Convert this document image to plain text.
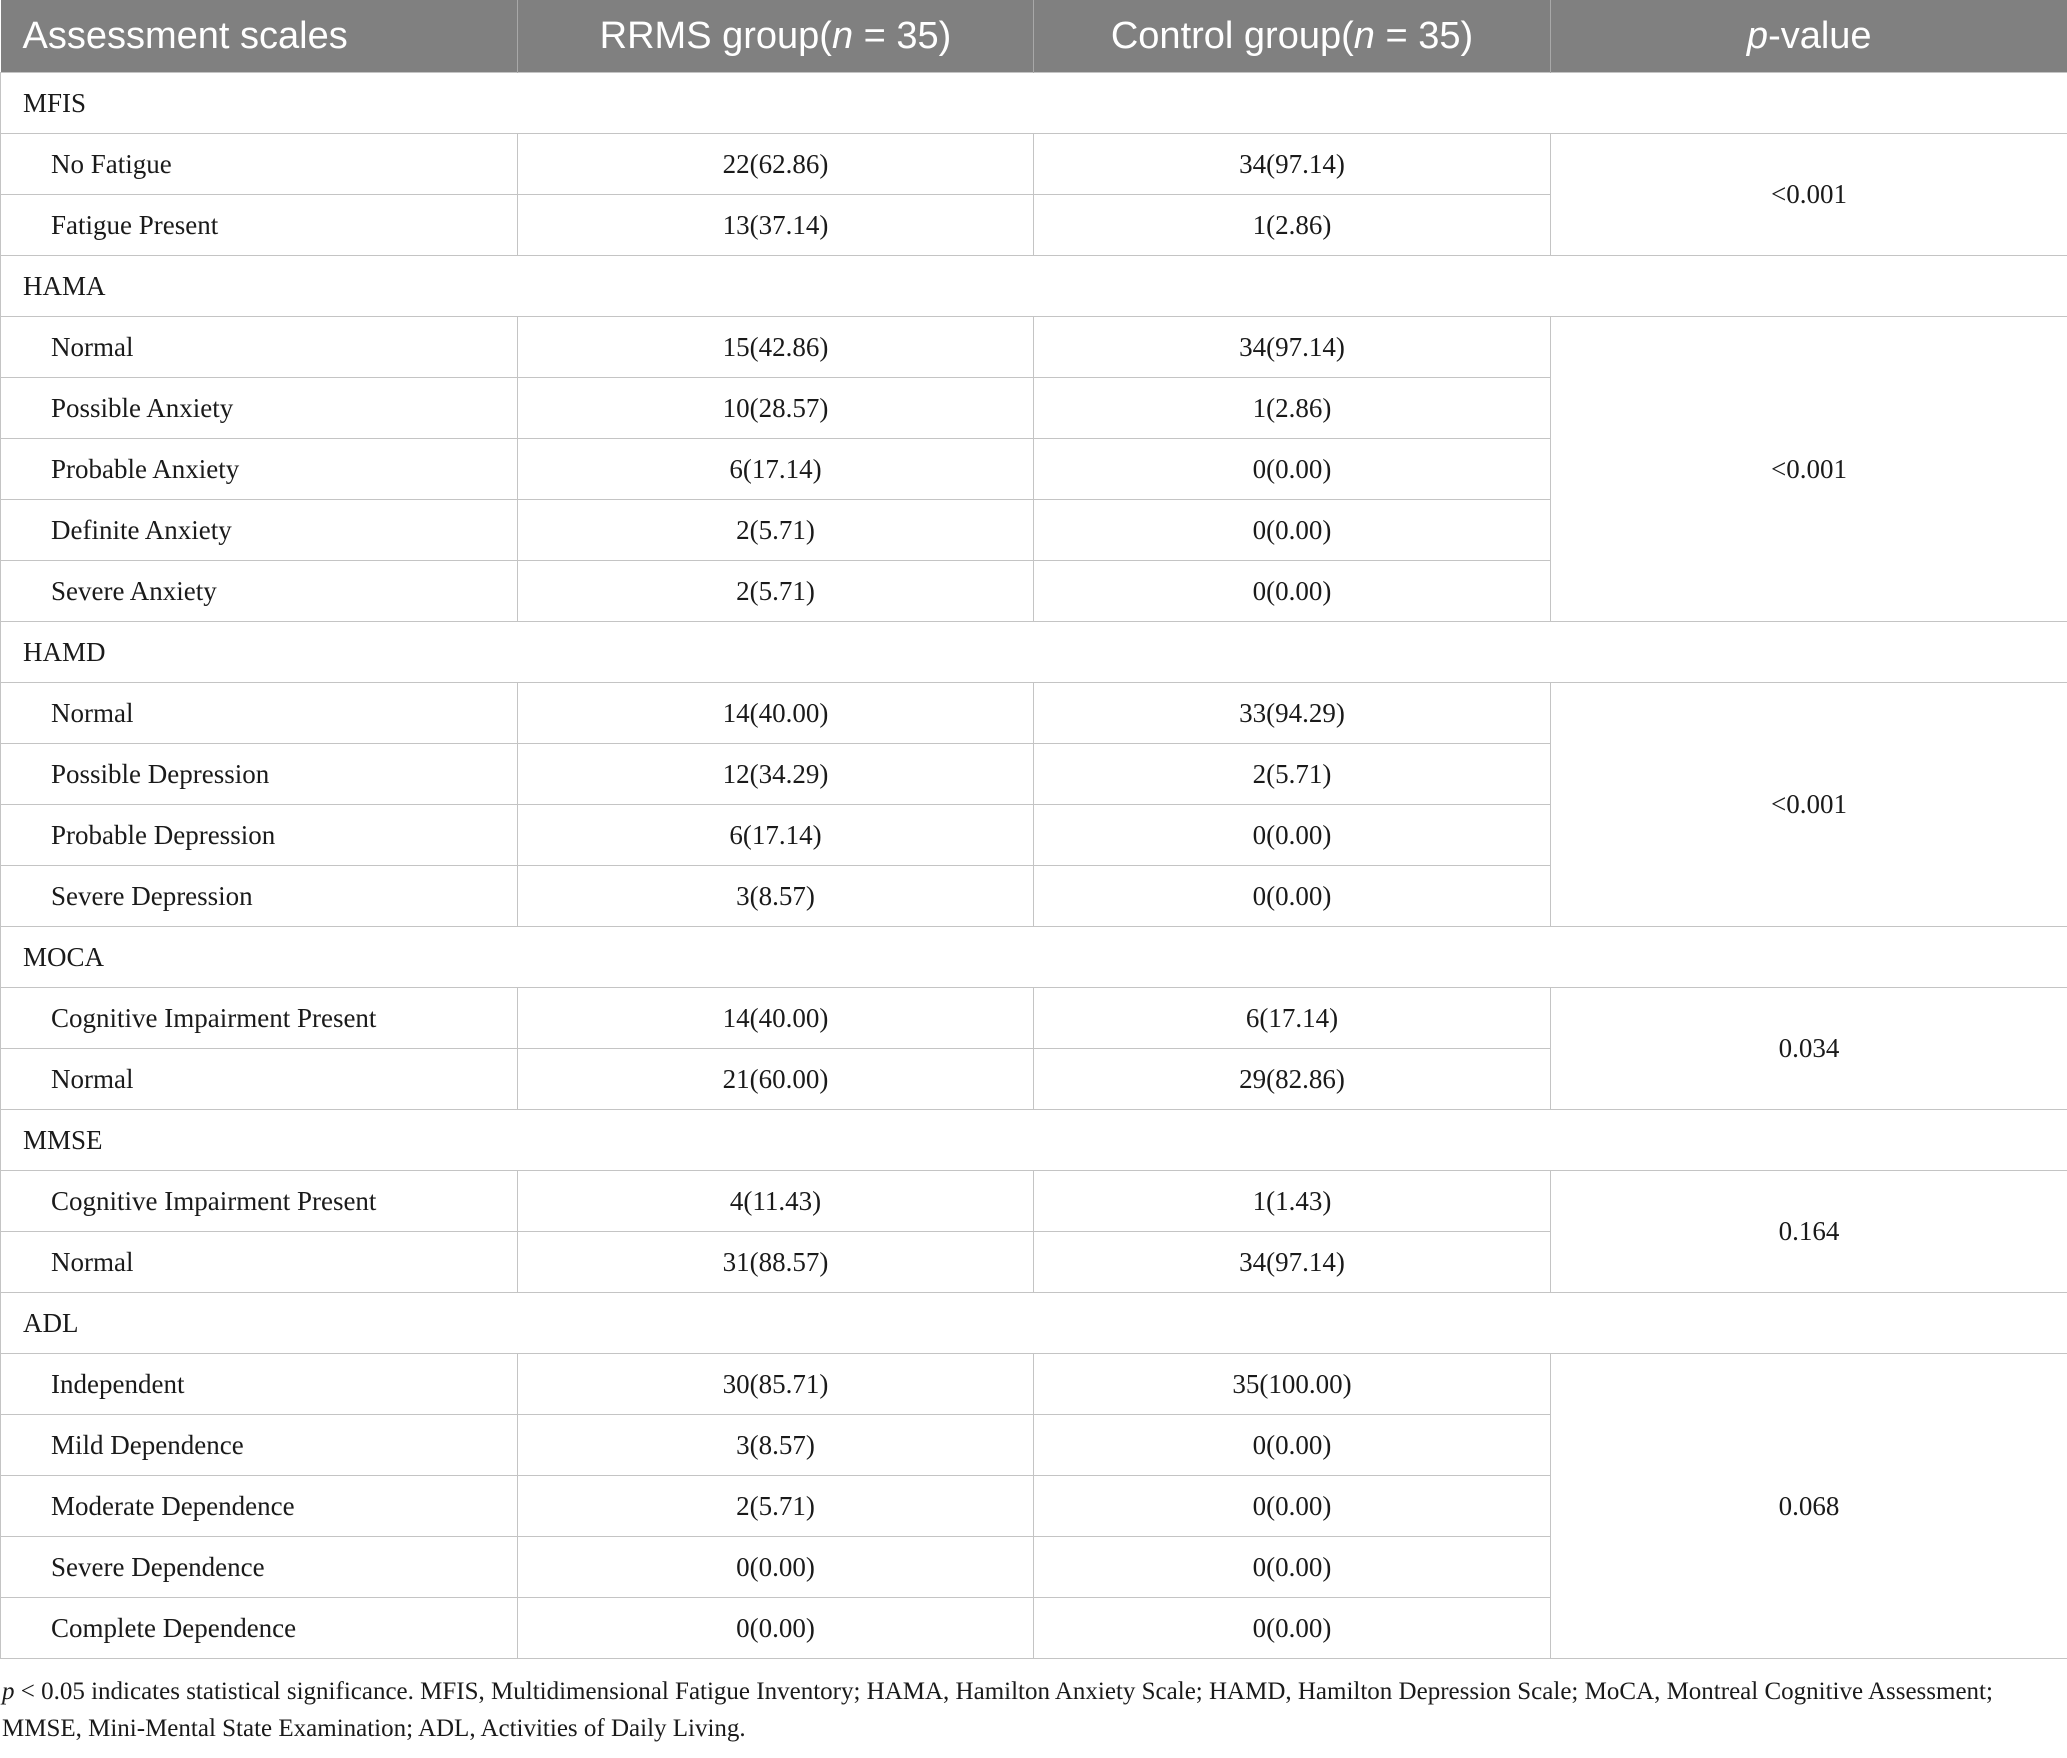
Assessment scales	RRMS group(n = 35)	Control group(n = 35)	p-value
MFIS			
No Fatigue	22(62.86)	34(97.14)	<0.001
Fatigue Present	13(37.14)	1(2.86)	
HAMA			
Normal	15(42.86)	34(97.14)	<0.001
Possible Anxiety	10(28.57)	1(2.86)	
Probable Anxiety	6(17.14)	0(0.00)	
Definite Anxiety	2(5.71)	0(0.00)	
Severe Anxiety	2(5.71)	0(0.00)	
HAMD			
Normal	14(40.00)	33(94.29)	<0.001
Possible Depression	12(34.29)	2(5.71)	
Probable Depression	6(17.14)	0(0.00)	
Severe Depression	3(8.57)	0(0.00)	
MOCA			
Cognitive Impairment Present	14(40.00)	6(17.14)	0.034
Normal	21(60.00)	29(82.86)	
MMSE			
Cognitive Impairment Present	4(11.43)	1(1.43)	0.164
Normal	31(88.57)	34(97.14)	
ADL			
Independent	30(85.71)	35(100.00)	0.068
Mild Dependence	3(8.57)	0(0.00)	
Moderate Dependence	2(5.71)	0(0.00)	
Severe Dependence	0(0.00)	0(0.00)	
Complete Dependence	0(0.00)	0(0.00)	
p < 0.05 indicates statistical significance. MFIS, Multidimensional Fatigue Inventory; HAMA, Hamilton Anxiety Scale; HAMD, Hamilton Depression Scale; MoCA, Montreal Cognitive Assessment; MMSE, Mini-Mental State Examination; ADL, Activities of Daily Living.
